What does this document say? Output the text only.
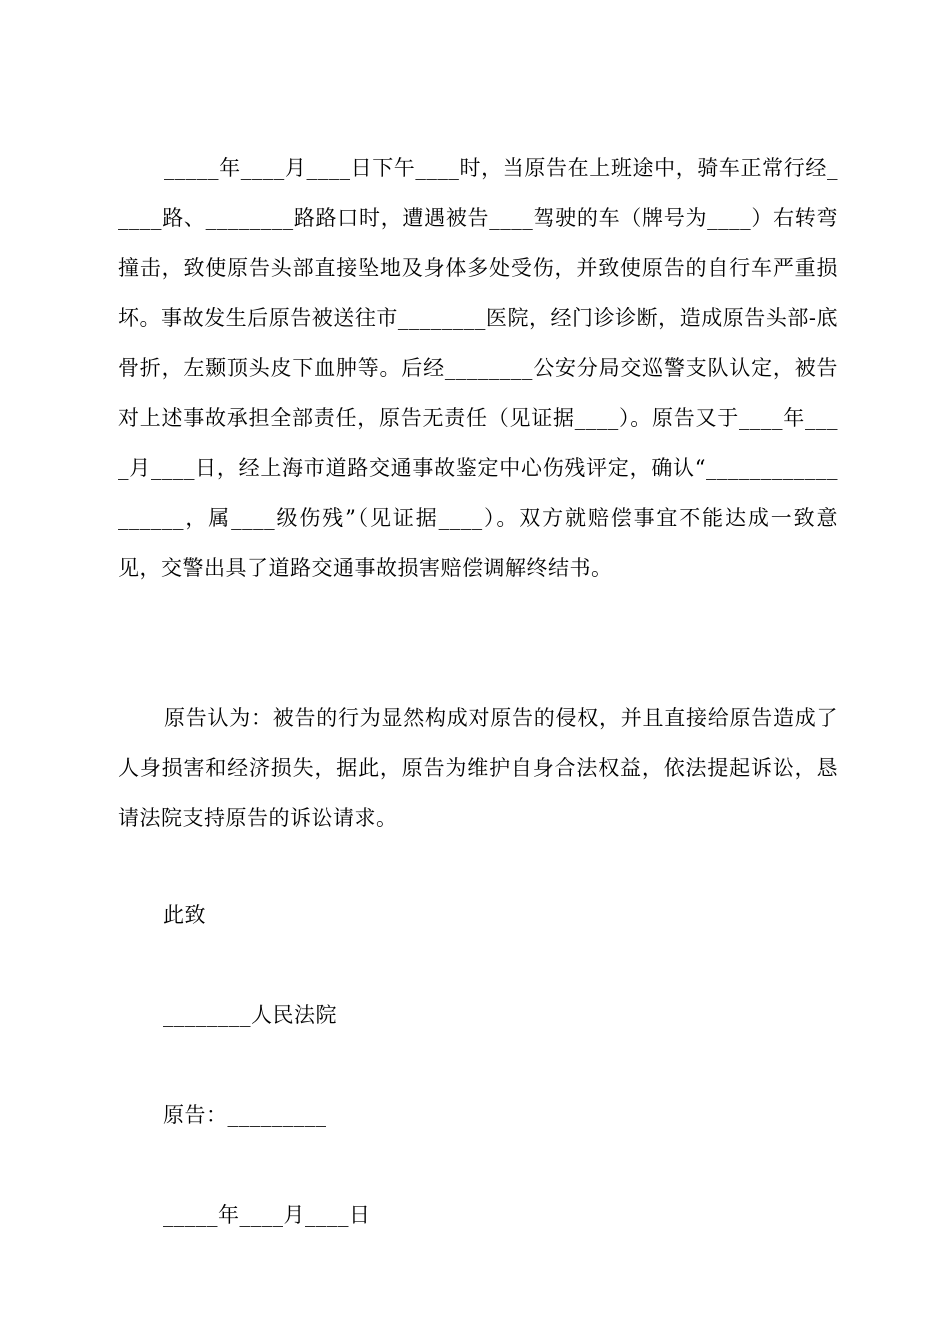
_____年____月____日下午____时，当原告在上班途中，骑车正常行经_____路、________路路口时，遭遇被告____驾驶的车（牌号为____）右转弯撞击，致使原告头部直接坠地及身体多处受伤，并致使原告的自行车严重损坏。事故发生后原告被送往市________医院，经门诊诊断，造成原告头部-底骨折，左颞顶头皮下血肿等。后经________公安分局交巡警支队认定，被告对上述事故承担全部责任，原告无责任（见证据____）。原告又于____年____月____日，经上海市道路交通事故鉴定中心伤残评定，确认“__________________，属____级伤残”（见证据____）。双方就赔偿事宜不能达成一致意见，交警出具了道路交通事故损害赔偿调解终结书。

原告认为：被告的行为显然构成对原告的侵权，并且直接给原告造成了人身损害和经济损失，据此，原告为维护自身合法权益，依法提起诉讼，恳请法院支持原告的诉讼请求。

此致

________人民法院

原告：_________

_____年____月____日
